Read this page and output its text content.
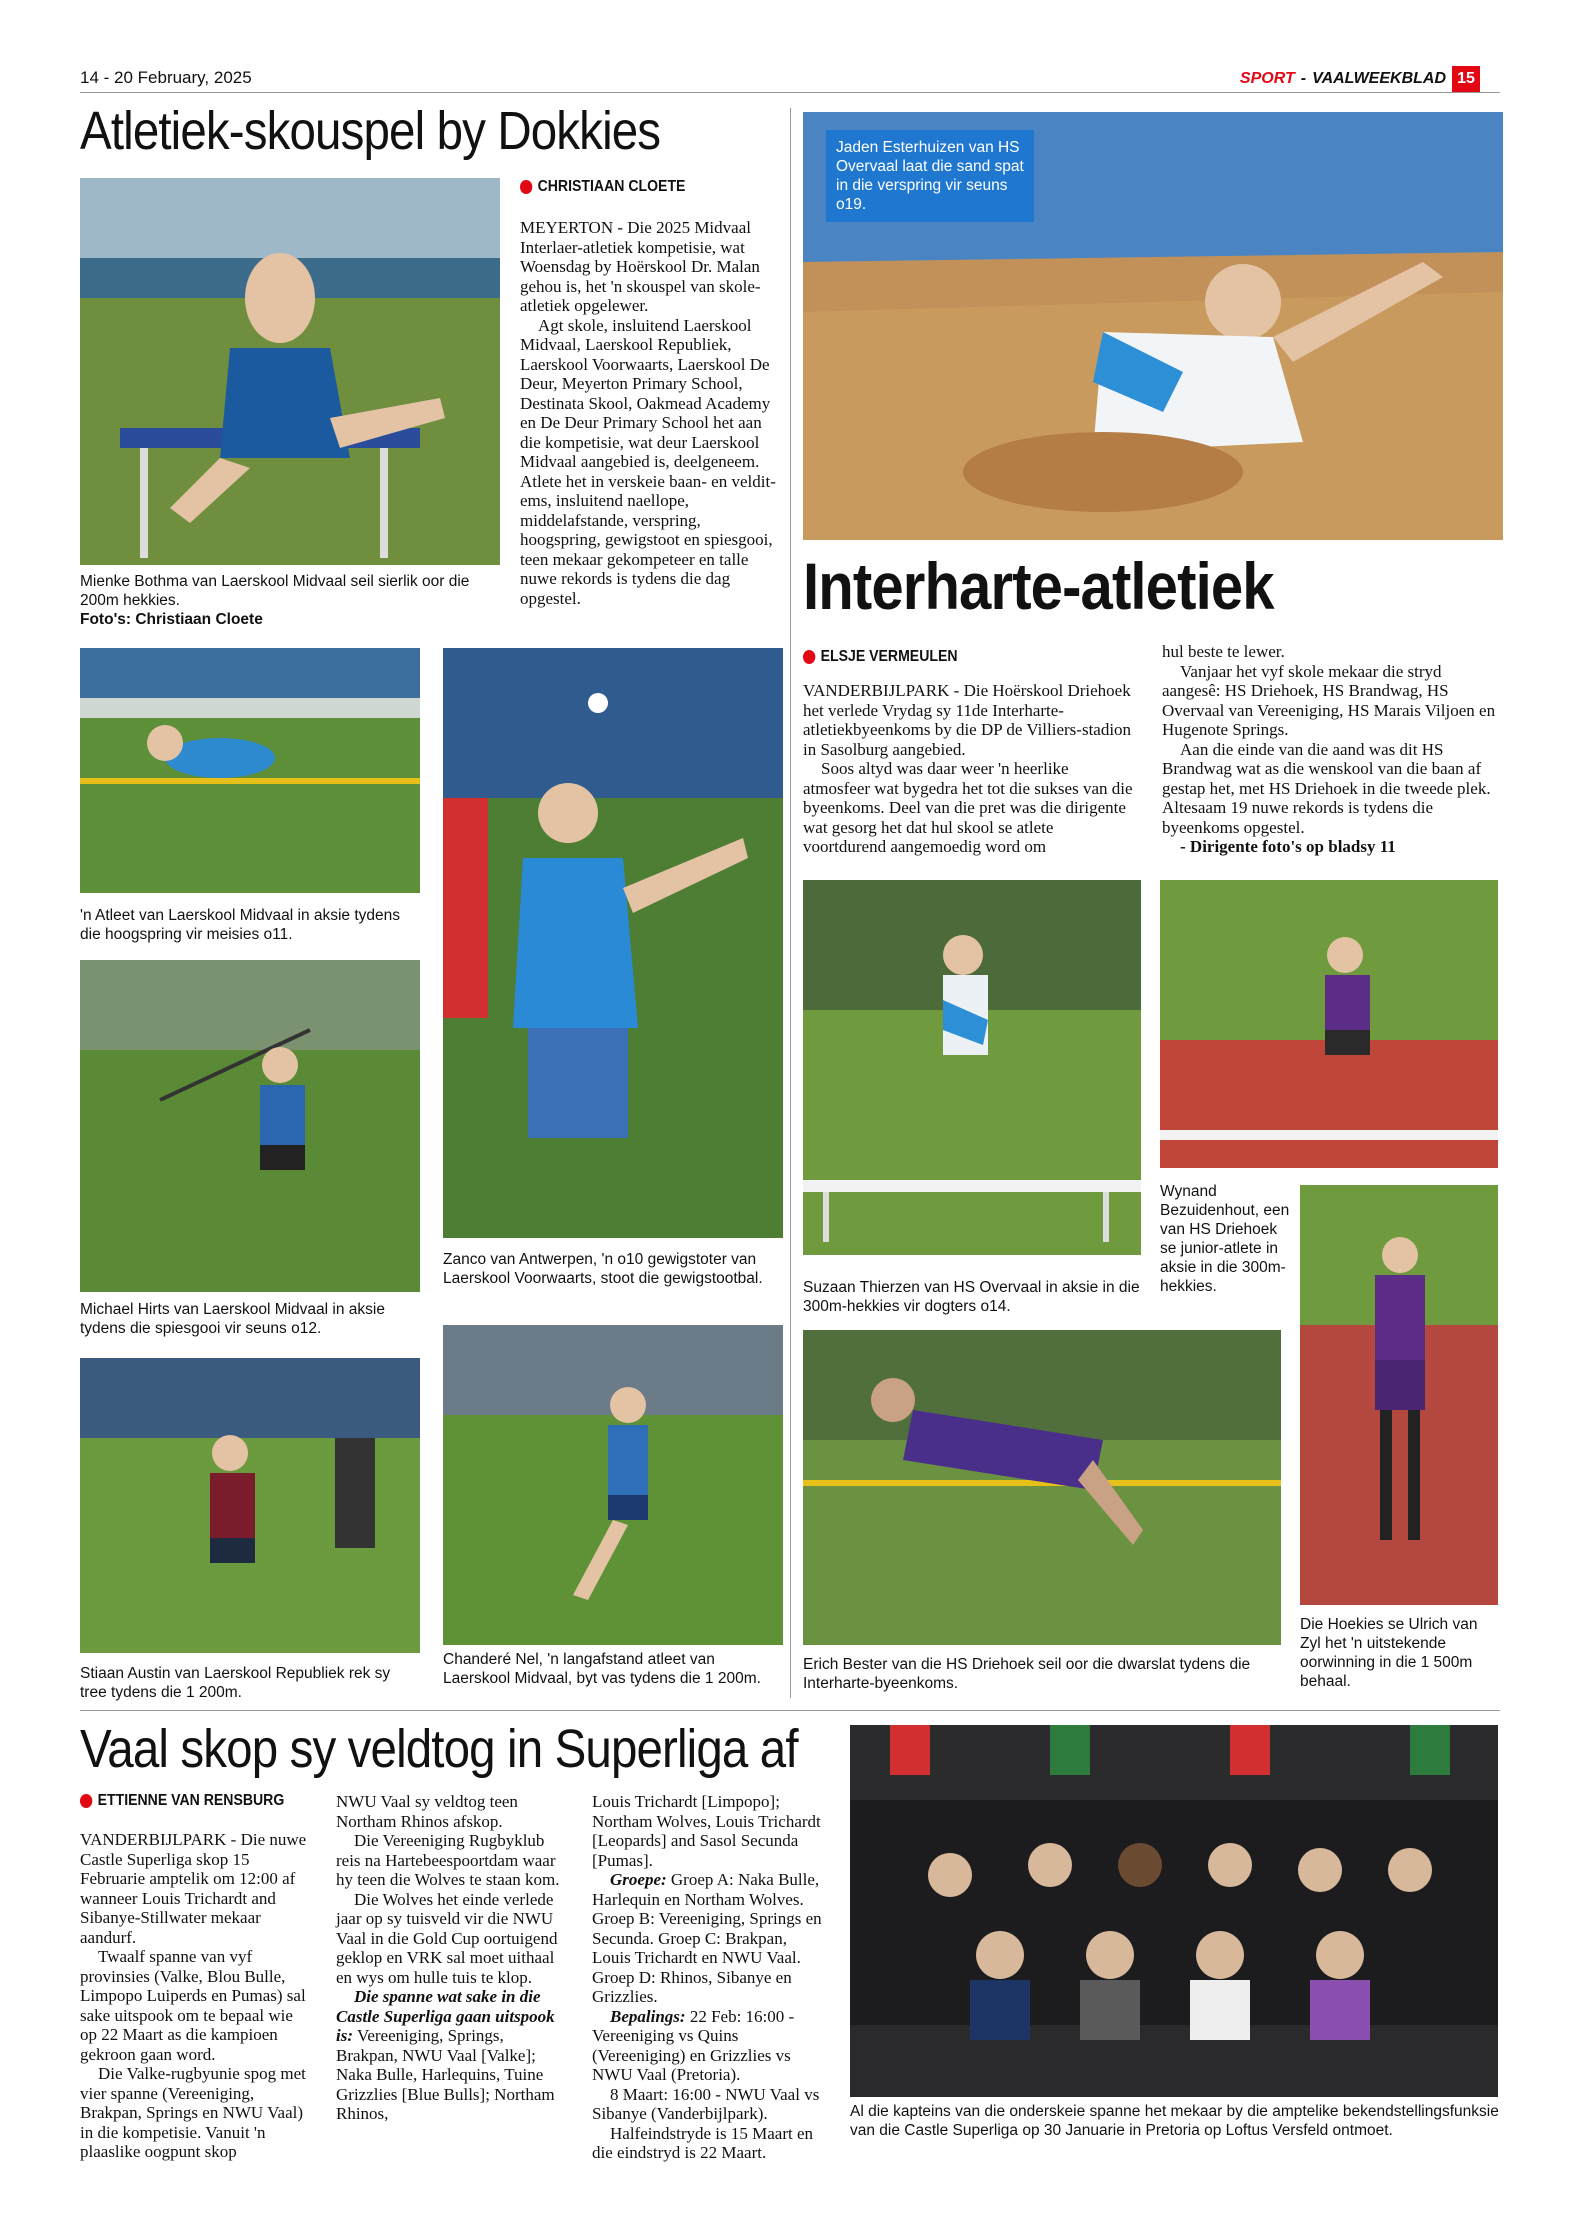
14 - 20 February, 2025	SPORT - VAALWEEKBLAD 15
Atletiek-skouspel by Dokkies
CHRISTIAAN CLOETE
Mienke Bothma van Laerskool Midvaal seil sierlik oor die 200m hekkies.
Foto's: Christiaan Cloete

MEYERTON - Die 2025 Midvaal Interlaer-atletiek kompetisie, wat Woensdag by Hoërskool Dr. Malan gehou is, het 'n skouspel van skole-atletiek opgelewer.

Agt skole, insluitend Laerskool Midvaal, Laerskool Republiek, Laerskool Voorwaarts, Laerskool De Deur, Meyerton Primary School, Destinata Skool, Oakmead Academy en De Deur Primary School het aan die kompetisie, wat deur Laerskool Midvaal aangebied is, deelgeneem. Atlete het in verskeie baan- en velditems, insluitend naellope, middelafstande, verspring, hoogspring, gewigstoot en spiesgooi, teen mekaar gekompeteer en talle nuwe rekords is tydens die dag opgestel.

'n Atleet van Laerskool Midvaal in aksie tydens die hoogspring vir meisies o11.
Michael Hirts van Laerskool Midvaal in aksie tydens die spiesgooi vir seuns o12.
Stiaan Austin van Laerskool Republiek rek sy tree tydens die 1 200m.
Zanco van Antwerpen, 'n o10 gewigstoter van Laerskool Voorwaarts, stoot die gewigstootbal.
Chanderé Nel, 'n langafstand atleet van Laerskool Midvaal, byt vas tydens die 1 200m.
Jaden Esterhuizen van HS Overvaal laat die sand spat in die verspring vir seuns o19.
Interharte-atletiek
ELSJE VERMEULEN

VANDERBIJLPARK - Die Hoërskool Driehoek het verlede Vrydag sy 11de Interharte-atletiekbyeenkoms by die DP de Villiers-stadion in Sasolburg aangebied.

Soos altyd was daar weer 'n heerlike atmosfeer wat bygedra het tot die sukses van die byeenkoms. Deel van die pret was die dirigente wat gesorg het dat hul skool se atlete voortdurend aangemoedig word om

hul beste te lewer.

Vanjaar het vyf skole mekaar die stryd aangesê: HS Driehoek, HS Brandwag, HS Overvaal van Vereeniging, HS Marais Viljoen en Hugenote Springs.

Aan die einde van die aand was dit HS Brandwag wat as die wenskool van die baan af gestap het, met HS Driehoek in die tweede plek. Altesaam 19 nuwe rekords is tydens die byeenkoms opgestel.

- Dirigente foto's op bladsy 11

Suzaan Thierzen van HS Overvaal in aksie in die 300m-hekkies vir dogters o14.
Wynand Bezuidenhout, een van HS Driehoek se junior-atlete in aksie in die 300m-hekkies.
Erich Bester van die HS Driehoek seil oor die dwarslat tydens die Interharte-byeenkoms.
Die Hoekies se Ulrich van Zyl het 'n uitstekende oorwinning in die 1 500m behaal.
Vaal skop sy veldtog in Superliga af
ETTIENNE VAN RENSBURG

VANDERBIJLPARK - Die nuwe Castle Superliga skop 15 Februarie amptelik om 12:00 af wanneer Louis Trichardt and Sibanye-Stillwater mekaar aandurf.

Twaalf spanne van vyf provinsies (Valke, Blou Bulle, Limpopo Luiperds en Pumas) sal sake uitspook om te bepaal wie op 22 Maart as die kampioen gekroon gaan word.

Die Valke-rugbyunie spog met vier spanne (Vereeniging, Brakpan, Springs en NWU Vaal) in die kompetisie. Vanuit 'n plaaslike oogpunt skop

NWU Vaal sy veldtog teen Northam Rhinos afskop.

Die Vereeniging Rugbyklub reis na Hartebeespoortdam waar hy teen die Wolves te staan kom.

Die Wolves het einde verlede jaar op sy tuisveld vir die NWU Vaal in die Gold Cup oortuigend geklop en VRK sal moet uithaal en wys om hulle tuis te klop.

Die spanne wat sake in die Castle Superliga gaan uitspook is: Vereeniging, Springs, Brakpan, NWU Vaal [Valke]; Naka Bulle, Harlequins, Tuine Grizzlies [Blue Bulls]; Northam Rhinos,

Louis Trichardt [Limpopo]; Northam Wolves, Louis Trichardt [Leopards] and Sasol Secunda [Pumas].

Groepe: Groep A: Naka Bulle, Harlequin en Northam Wolves. Groep B: Vereeniging, Springs en Secunda. Groep C: Brakpan, Louis Trichardt en NWU Vaal. Groep D: Rhinos, Sibanye en Grizzlies.

Bepalings: 22 Feb: 16:00 - Vereeniging vs Quins (Vereeniging) en Grizzlies vs NWU Vaal (Pretoria).

8 Maart: 16:00 - NWU Vaal vs Sibanye (Vanderbijlpark).

Halfeindstryde is 15 Maart en die eindstryd is 22 Maart.

Al die kapteins van die onderskeie spanne het mekaar by die amptelike bekendstellingsfunksie van die Castle Superliga op 30 Januarie in Pretoria op Loftus Versfeld ontmoet.
